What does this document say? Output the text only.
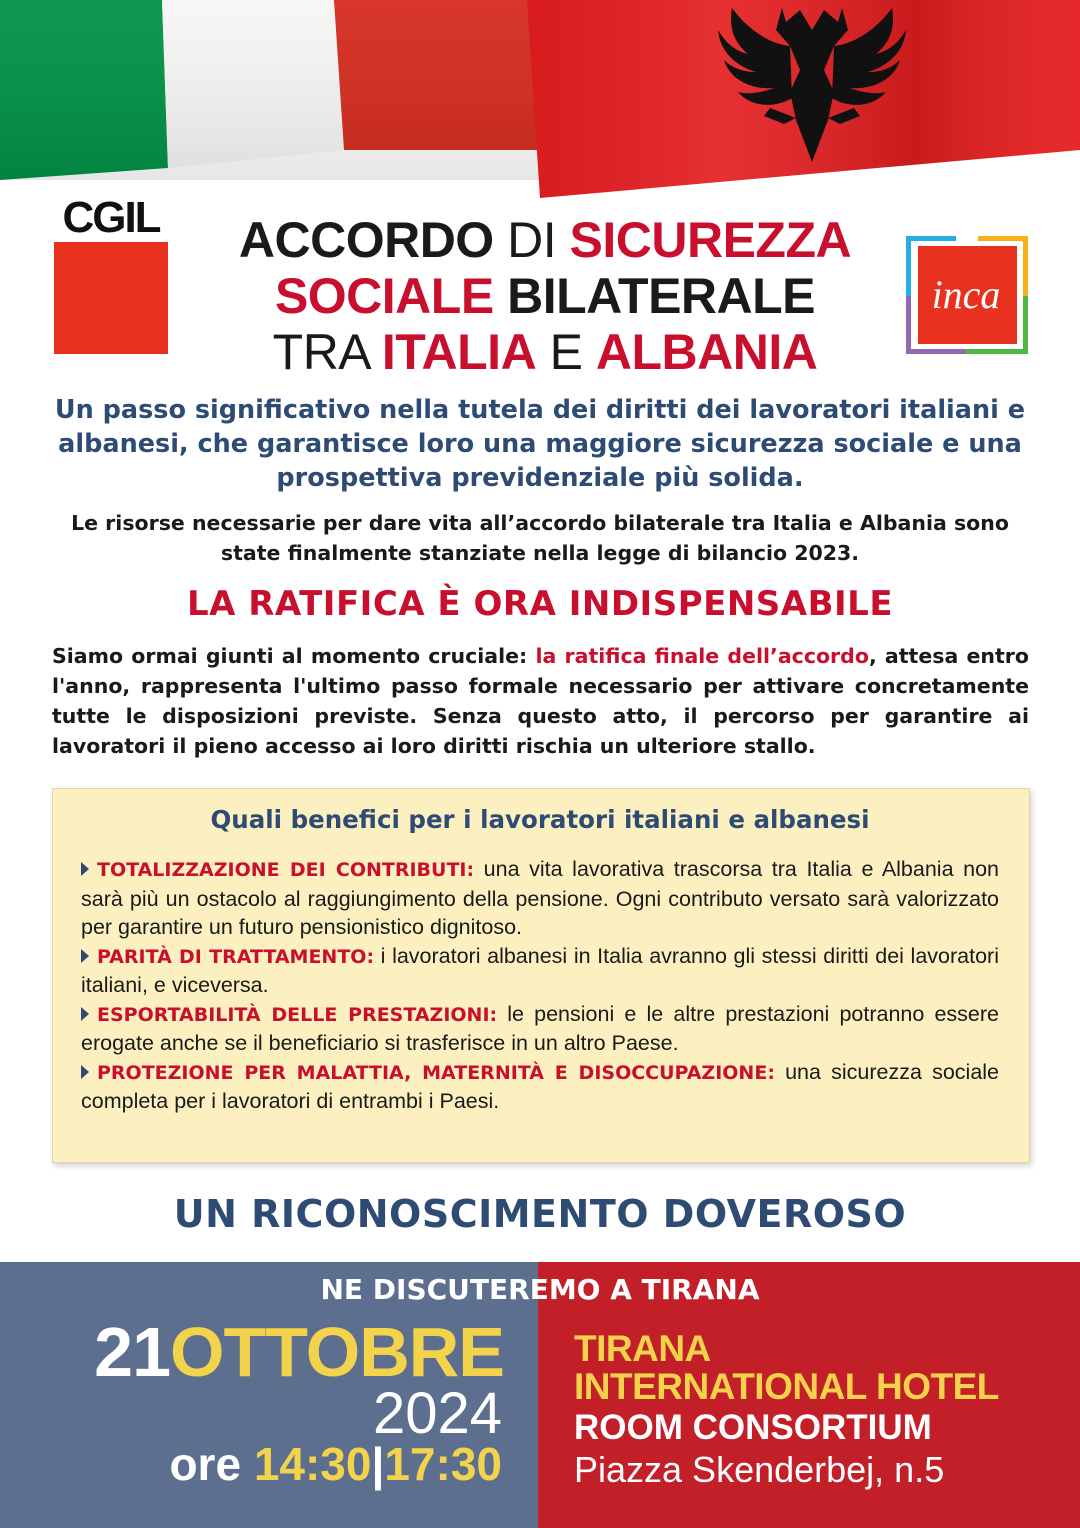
CGIL	ACCORDO DI SICUREZZA
SOCIALE BILATERALE
TRA ITALIA E ALBANIA
inca
Un passo significativo nella tutela dei diritti dei lavoratori italiani e albanesi, che garantisce loro una maggiore sicurezza sociale e una prospettiva previdenziale più solida.
Le risorse necessarie per dare vita all’accordo bilaterale tra Italia e Albania sono state finalmente stanziate nella legge di bilancio 2023.
LA RATIFICA È ORA INDISPENSABILE
Siamo ormai giunti al momento cruciale: la ratifica finale dell’accordo, attesa entro l'anno, rappresenta l'ultimo passo formale necessario per attivare concretamente tutte le disposizioni previste. Senza questo atto, il percorso per garantire ai lavoratori il pieno accesso ai loro diritti rischia un ulteriore stallo.
Quali benefici per i lavoratori italiani e albanesi
TOTALIZZAZIONE DEI CONTRIBUTI: una vita lavorativa trascorsa tra Italia e Albania non sarà più un ostacolo al raggiungimento della pensione. Ogni contributo versato sarà valorizzato per garantire un futuro pensionistico dignitoso.
PARITÀ DI TRATTAMENTO: i lavoratori albanesi in Italia avranno gli stessi diritti dei lavoratori italiani, e viceversa.
ESPORTABILITÀ DELLE PRESTAZIONI: le pensioni e le altre prestazioni potranno essere erogate anche se il beneficiario si trasferisce in un altro Paese.
PROTEZIONE PER MALATTIA, MATERNITÀ E DISOCCUPAZIONE: una sicurezza sociale completa per i lavoratori di entrambi i Paesi.
UN RICONOSCIMENTO DOVEROSO
NE DISCUTEREMO A TIRANA
21OTTOBRE
2024
ore 14:30|17:30
TIRANA
INTERNATIONAL HOTEL
ROOM CONSORTIUM
Piazza Skenderbej, n.5
